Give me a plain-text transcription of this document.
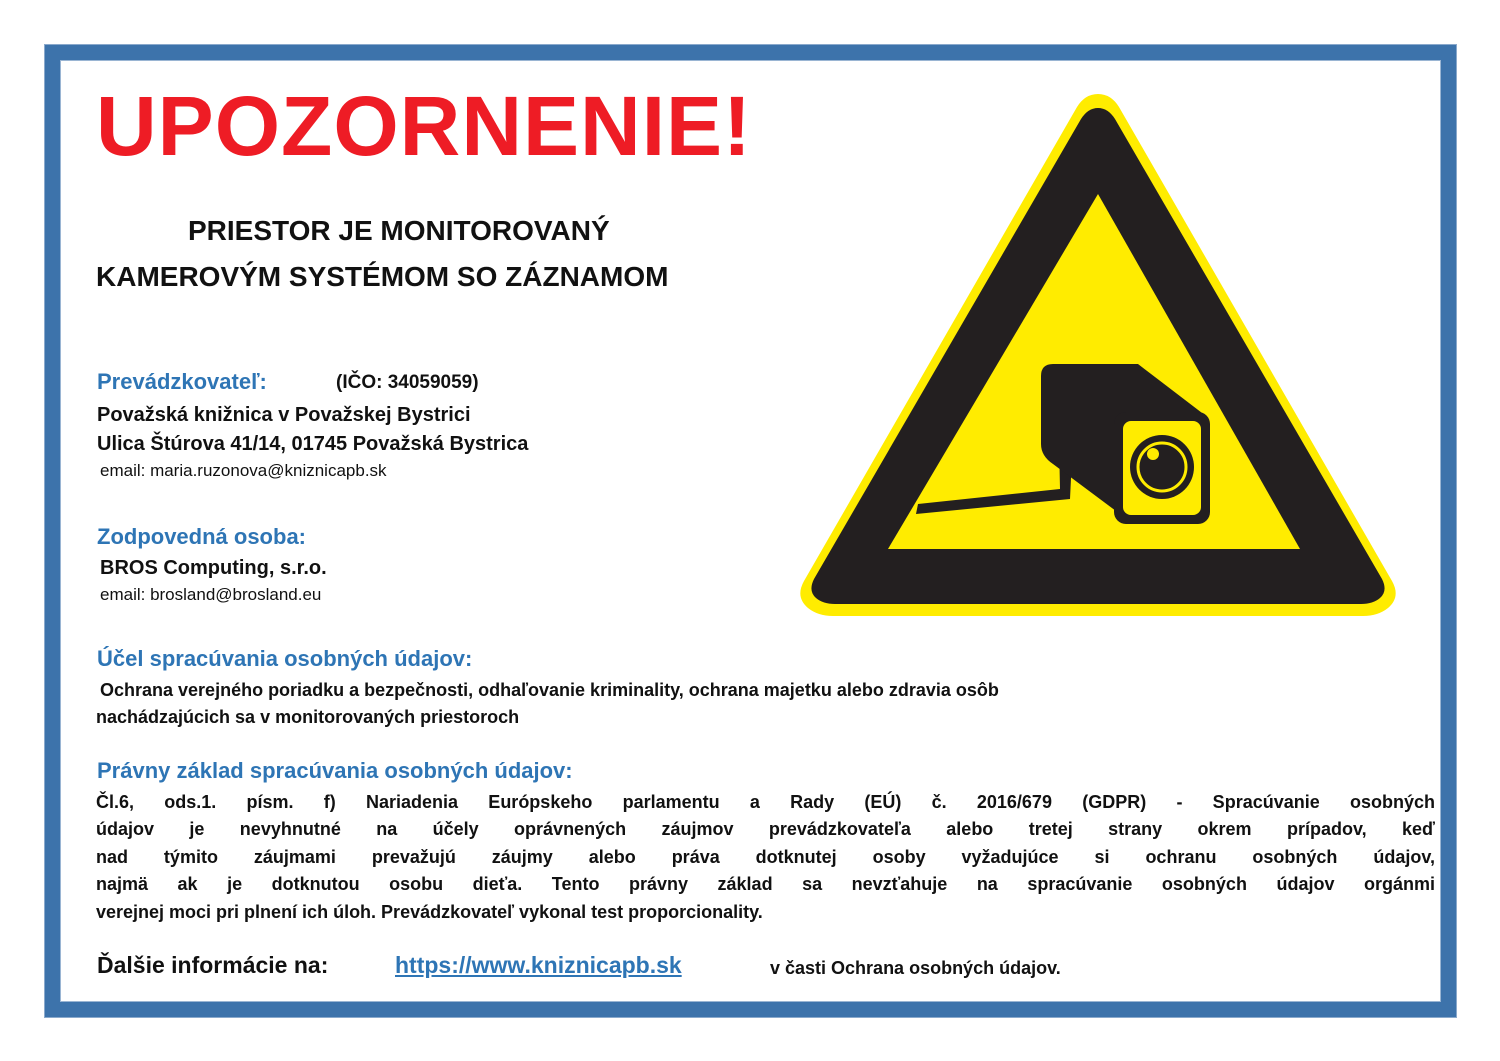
UPOZORNENIE!
PRIESTOR JE MONITOROVANÝ
KAMEROVÝM SYSTÉMOM SO ZÁZNAMOM
Prevádzkovateľ:	(IČO: 34059059)
Považská knižnica v Považskej Bystrici
Ulica Štúrova 41/14, 01745 Považská Bystrica
email: maria.ruzonova@kniznicapb.sk
Zodpovedná osoba:
BROS Computing, s.r.o.
email: brosland@brosland.eu
Účel spracúvania osobných údajov:
Ochrana verejného poriadku a bezpečnosti, odhaľovanie kriminality, ochrana majetku alebo zdravia osôb
nachádzajúcich sa v monitorovaných priestoroch
Právny základ spracúvania osobných údajov:
Čl.6, ods.1. písm. f) Nariadenia Európskeho parlamentu a Rady (EÚ) č. 2016/679 (GDPR) - Spracúvanie osobných
údajov je nevyhnutné na účely oprávnených záujmov prevádzkovateľa alebo tretej strany okrem prípadov, keď
nad týmito záujmami prevažujú záujmy alebo práva dotknutej osoby vyžadujúce si ochranu osobných údajov,
najmä ak je dotknutou osobu dieťa. Tento právny základ sa nevzťahuje na spracúvanie osobných údajov orgánmi
verejnej moci pri plnení ich úloh. Prevádzkovateľ vykonal test proporcionality.
Ďalšie informácie na:	https://www.kniznicapb.sk	v časti Ochrana osobných údajov.
